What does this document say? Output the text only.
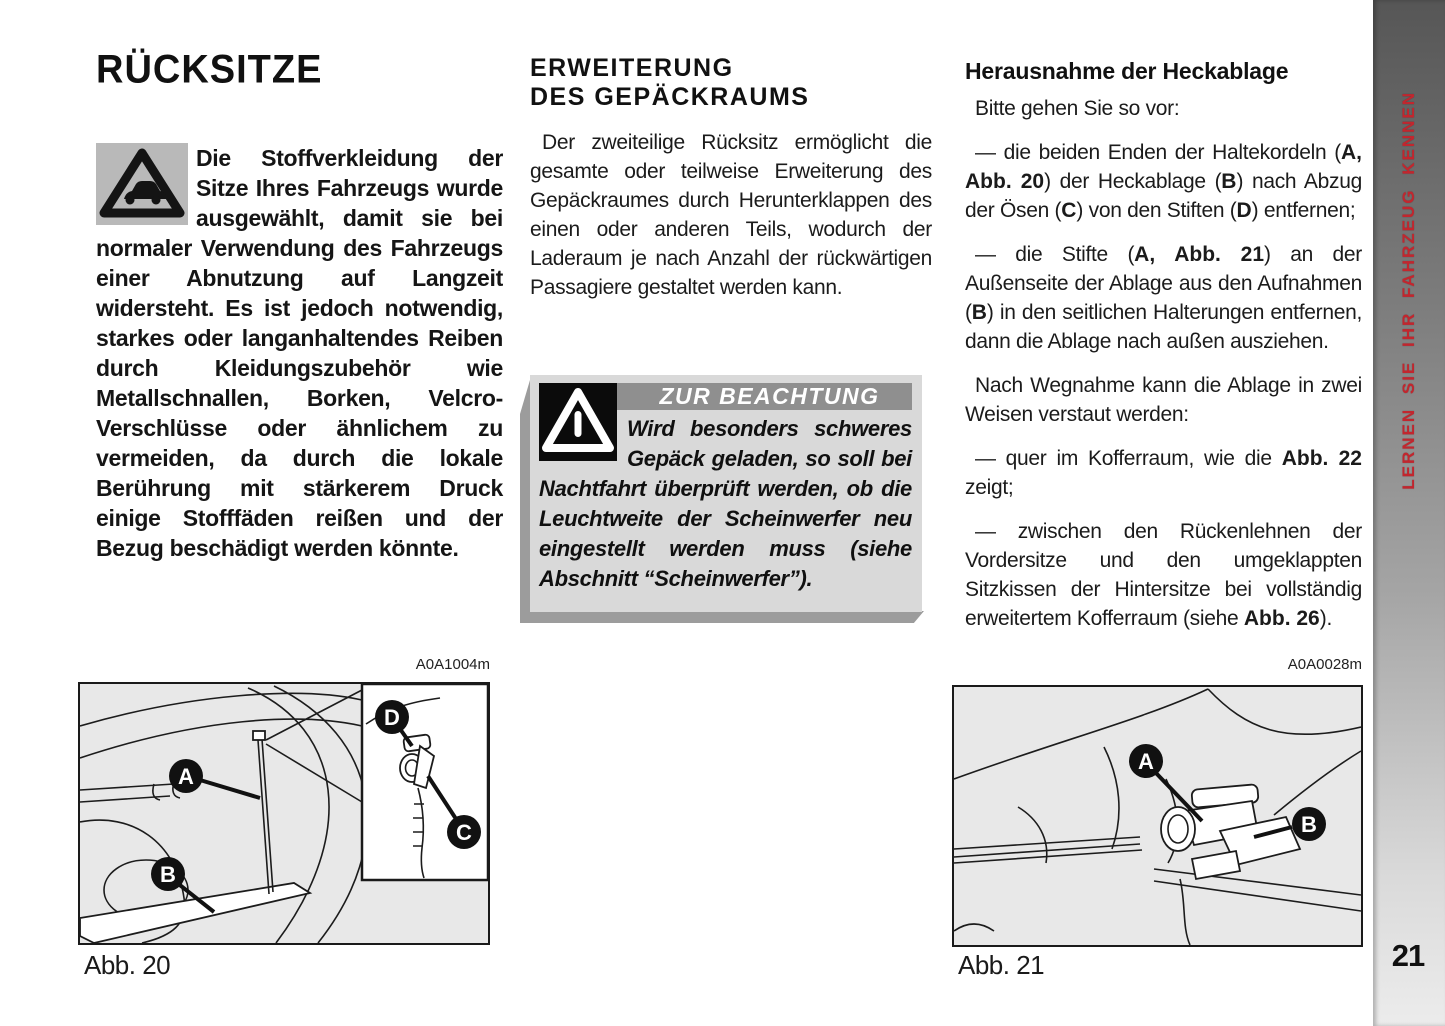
LERNEN SIE IHR FAHRZEUG KENNEN
21
RÜCKSITZE
Die Stoffverkleidung der Sitze Ihres Fahrzeugs wurde ausgewählt, damit sie bei normaler Verwendung des Fahrzeugs einer Abnutzung auf Langzeit widersteht. Es ist jedoch notwendig, starkes oder langanhaltendes Reiben durch Kleidungszubehör wie Metallschnallen, Borken, Velcro-Verschlüsse oder ähnlichem zu vermeiden, da durch die lokale Berührung mit stärkerem Druck einige Stofffäden reißen und der Bezug beschädigt werden könnte.
ERWEITERUNG
DES GEPÄCKRAUMS
Der zweiteilige Rücksitz ermöglicht die gesamte oder teilweise Erweiterung des Gepäckraumes durch Herunterklappen des einen oder anderen Teils, wodurch der Laderaum je nach Anzahl der rückwärtigen Passagiere gestaltet werden kann.
ZUR BEACHTUNG
Wird besonders schweres Gepäck geladen, so soll bei Nachtfahrt überprüft werden, ob die Leuchtweite der Scheinwerfer neu eingestellt werden muss (siehe Abschnitt “Scheinwerfer”).
Herausnahme der Heckablage

Bitte gehen Sie so vor:

— die beiden Enden der Haltekordeln (A, Abb. 20) der Heckablage (B) nach Abzug der Ösen (C) von den Stiften (D) entfernen;

— die Stifte (A, Abb. 21) an der Außenseite der Ablage aus den Aufnahmen (B) in den seitlichen Halterungen entfernen, dann die Ablage nach außen ausziehen.

Nach Wegnahme kann die Ablage in zwei Weisen verstaut werden:

— quer im Kofferraum, wie die Abb. 22 zeigt;

— zwischen den Rückenlehnen der Vordersitze und den umgeklappten Sitzkissen der Hintersitze bei vollständig erweitertem Kofferraum (siehe Abb. 26).

A0A1004m
A
B
D
C
Abb. 20
A0A0028m
A
B
Abb. 21
